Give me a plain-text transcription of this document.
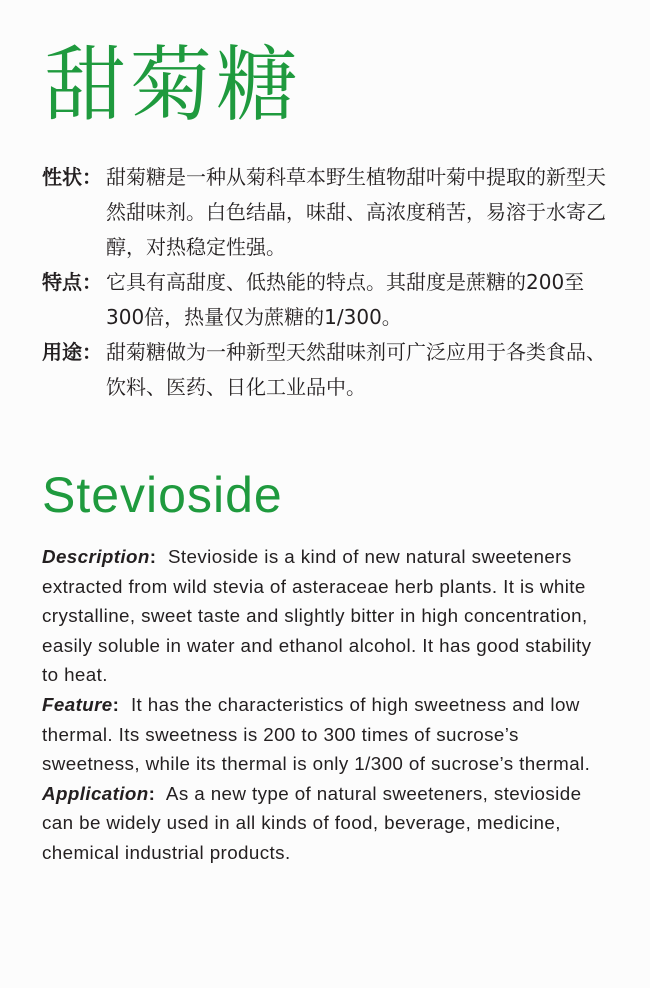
甜菊糖
性状： 甜菊糖是一种从菊科草本野生植物甜叶菊中提取的新型天然甜味剂。白色结晶，味甜、高浓度稍苦，易溶于水寄乙醇，对热稳定性强。
特点： 它具有高甜度、低热能的特点。其甜度是蔗糖的200至300倍，热量仅为蔗糖的1/300。
用途： 甜菊糖做为一种新型天然甜味剂可广泛应用于各类食品、饮料、医药、日化工业品中。
Stevioside

Description: Stevioside is a kind of new natural sweeteners extracted from wild stevia of asteraceae herb plants. It is white crystalline, sweet taste and slightly bitter in high concentration, easily soluble in water and ethanol alcohol. It has good stability to heat.

Feature: It has the characteristics of high sweetness and low thermal. Its sweetness is 200 to 300 times of sucrose’s sweetness, while its thermal is only 1/300 of sucrose’s thermal.

Application: As a new type of natural sweeteners, stevioside can be widely used in all kinds of food, beverage, medicine, chemical industrial products.
